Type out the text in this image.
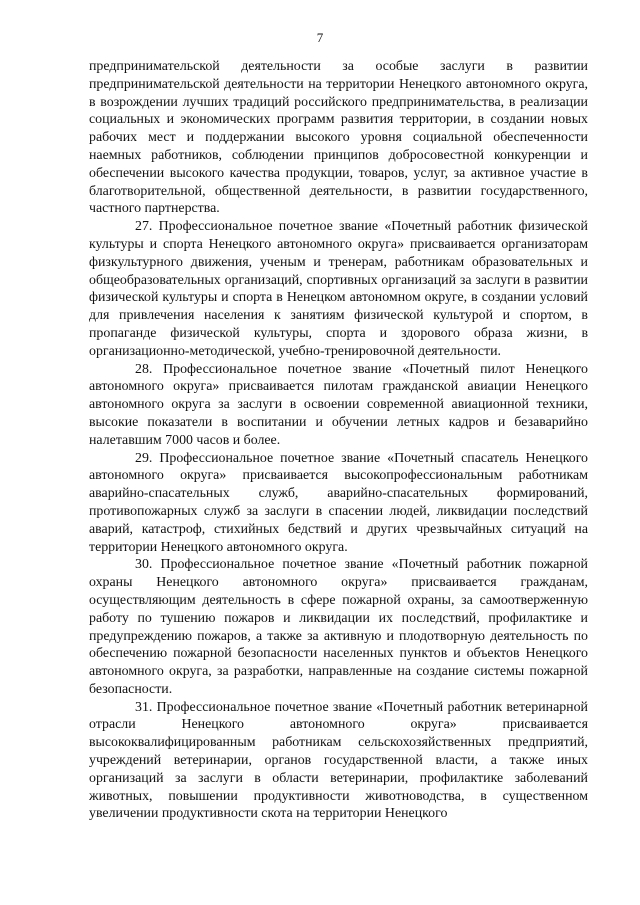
7

предпринимательской деятельности за особые заслуги в развитии предпринимательской деятельности на территории Ненецкого автономного округа, в возрождении лучших традиций российского предпринимательства, в реализации социальных и экономических программ развития территории, в создании новых рабочих мест и поддержании высокого уровня социальной обеспеченности наемных работников, соблюдении принципов добросовестной конкуренции и обеспечении высокого качества продукции, товаров, услуг, за активное участие в благотворительной, общественной деятельности, в развитии государственного, частного партнерства.

27. Профессиональное почетное звание «Почетный работник физической культуры и спорта Ненецкого автономного округа» присваивается организаторам физкультурного движения, ученым и тренерам, работникам образовательных и общеобразовательных организаций, спортивных организаций за заслуги в развитии физической культуры и спорта в Ненецком автономном округе, в создании условий для привлечения населения к занятиям физической культурой и спортом, в пропаганде физической культуры, спорта и здорового образа жизни, в организационно-методической, учебно-тренировочной деятельности.

28. Профессиональное почетное звание «Почетный пилот Ненецкого автономного округа» присваивается пилотам гражданской авиации Ненецкого автономного округа за заслуги в освоении современной авиационной техники, высокие показатели в воспитании и обучении летных кадров и безаварийно налетавшим 7000 часов и более.

29. Профессиональное почетное звание «Почетный спасатель Ненецкого автономного округа» присваивается высокопрофессиональным работникам аварийно-спасательных служб, аварийно-спасательных формирований, противопожарных служб за заслуги в спасении людей, ликвидации последствий аварий, катастроф, стихийных бедствий и других чрезвычайных ситуаций на территории Ненецкого автономного округа.

30. Профессиональное почетное звание «Почетный работник пожарной охраны Ненецкого автономного округа» присваивается гражданам, осуществляющим деятельность в сфере пожарной охраны, за самоотверженную работу по тушению пожаров и ликвидации их последствий, профилактике и предупреждению пожаров, а также за активную и плодотворную деятельность по обеспечению пожарной безопасности населенных пунктов и объектов Ненецкого автономного округа, за разработки, направленные на создание системы пожарной безопасности.

31. Профессиональное почетное звание «Почетный работник ветеринарной отрасли Ненецкого автономного округа» присваивается высококвалифицированным работникам сельскохозяйственных предприятий, учреждений ветеринарии, органов государственной власти, а также иных организаций за заслуги в области ветеринарии, профилактике заболеваний животных, повышении продуктивности животноводства, в существенном увеличении продуктивности скота на территории Ненецкого
